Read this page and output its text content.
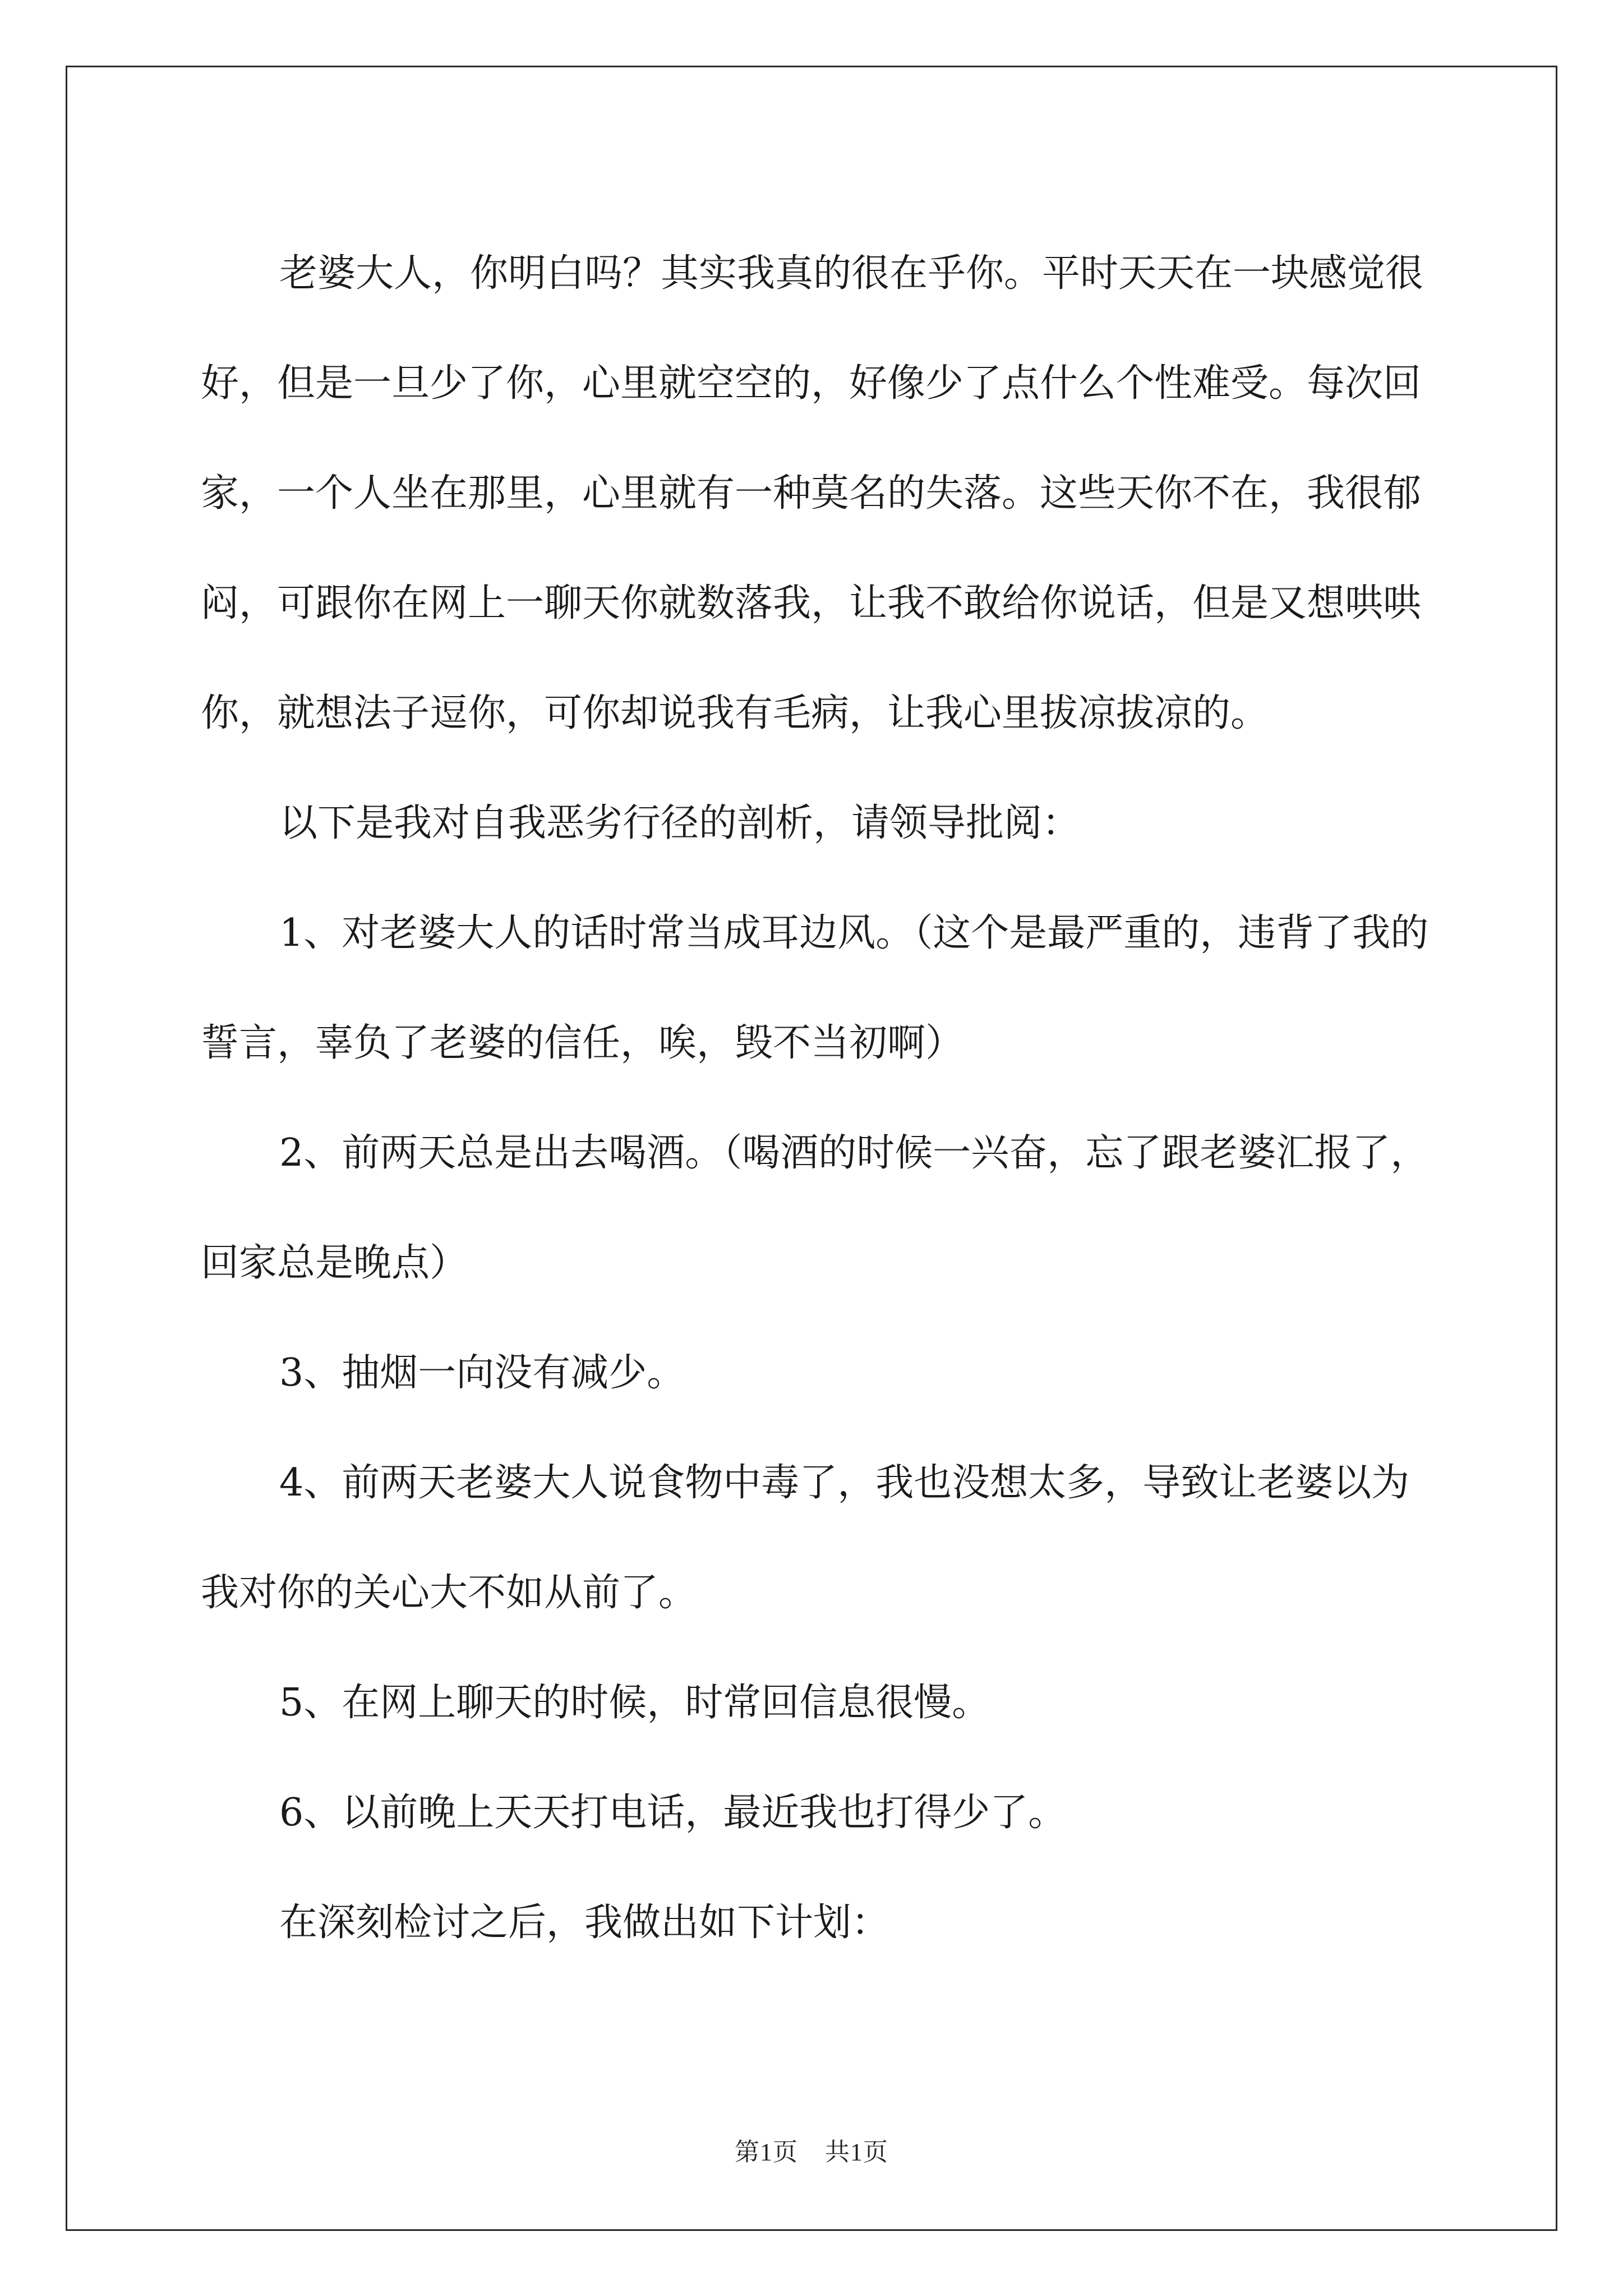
老婆大人，你明白吗？其实我真的很在乎你。平时天天在一块感觉很好，但是一旦少了你，心里就空空的，好像少了点什么个性难受。每次回家，一个人坐在那里，心里就有一种莫名的失落。这些天你不在，我很郁闷，可跟你在网上一聊天你就数落我，让我不敢给你说话，但是又想哄哄你，就想法子逗你，可你却说我有毛病，让我心里拔凉拔凉的。

以下是我对自我恶劣行径的剖析，请领导批阅：

1、对老婆大人的话时常当成耳边风。（这个是最严重的，违背了我的誓言，辜负了老婆的信任，唉，毁不当初啊）

2、前两天总是出去喝酒。（喝酒的时候一兴奋，忘了跟老婆汇报了，回家总是晚点）

3、抽烟一向没有减少。

4、前两天老婆大人说食物中毒了，我也没想太多，导致让老婆以为我对你的关心大不如从前了。

5、在网上聊天的时候，时常回信息很慢。

6、以前晚上天天打电话，最近我也打得少了。

在深刻检讨之后，我做出如下计划：

第1页 共1页
